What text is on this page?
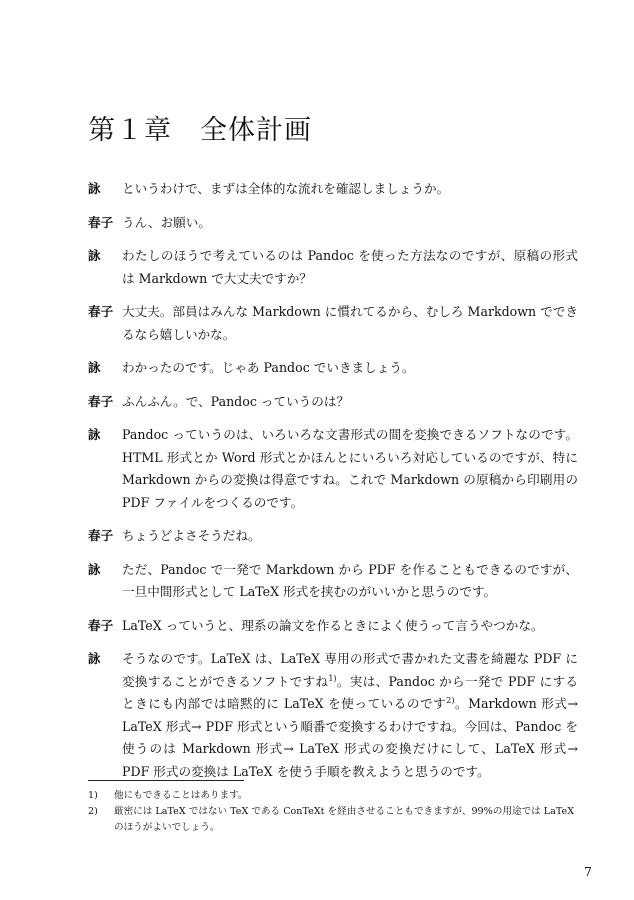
第１章　全体計画
詠	というわけで、まずは全体的な流れを確認しましょうか。
春子 うん、お願い。
詠	わたしのほうで考えているのは Pandoc を使った方法なのですが、原稿の形式は Markdown で大丈夫ですか？
春子 大丈夫。部員はみんな Markdown に慣れてるから、むしろ Markdown でできるなら嬉しいかな。
詠	わかったのです。じゃあ Pandoc でいきましょう。
春子 ふんふん。で、Pandoc っていうのは？
詠	Pandoc っていうのは、いろいろな文書形式の間を変換できるソフトなのです。HTML 形式とか Word 形式とかほんとにいろいろ対応しているのですが、特に Markdown からの変換は得意ですね。これで Markdown の原稿から印刷用の PDF ファイルをつくるのです。
春子 ちょうどよさそうだね。
詠	ただ、Pandoc で一発で Markdown から PDF を作ることもできるのですが、一旦中間形式として LaTeX 形式を挟むのがいいかと思うのです。
春子 LaTeX っていうと、理系の論文を作るときによく使うって言うやつかな。
詠	そうなのです。LaTeX は、LaTeX 専用の形式で書かれた文書を綺麗な PDF に変換することができるソフトですね$^{1)}$。実は、Pandoc から一発で PDF にするときにも内部では暗黙的に LaTeX を使っているのです$^{2)}$。Markdown 形式→ LaTeX 形式→ PDF 形式という順番で変換するわけですね。今回は、Pandoc を使うのは Markdown 形式→ LaTeX 形式の変換だけにして、LaTeX 形式→ PDF 形式の変換は LaTeX を使う手順を教えようと思うのです。
1)	他にもできることはあります。
2)	厳密には LaTeX ではない TeX である ConTeXt を経由させることもできますが、99%の用途では LaTeX のほうがよいでしょう。
7
